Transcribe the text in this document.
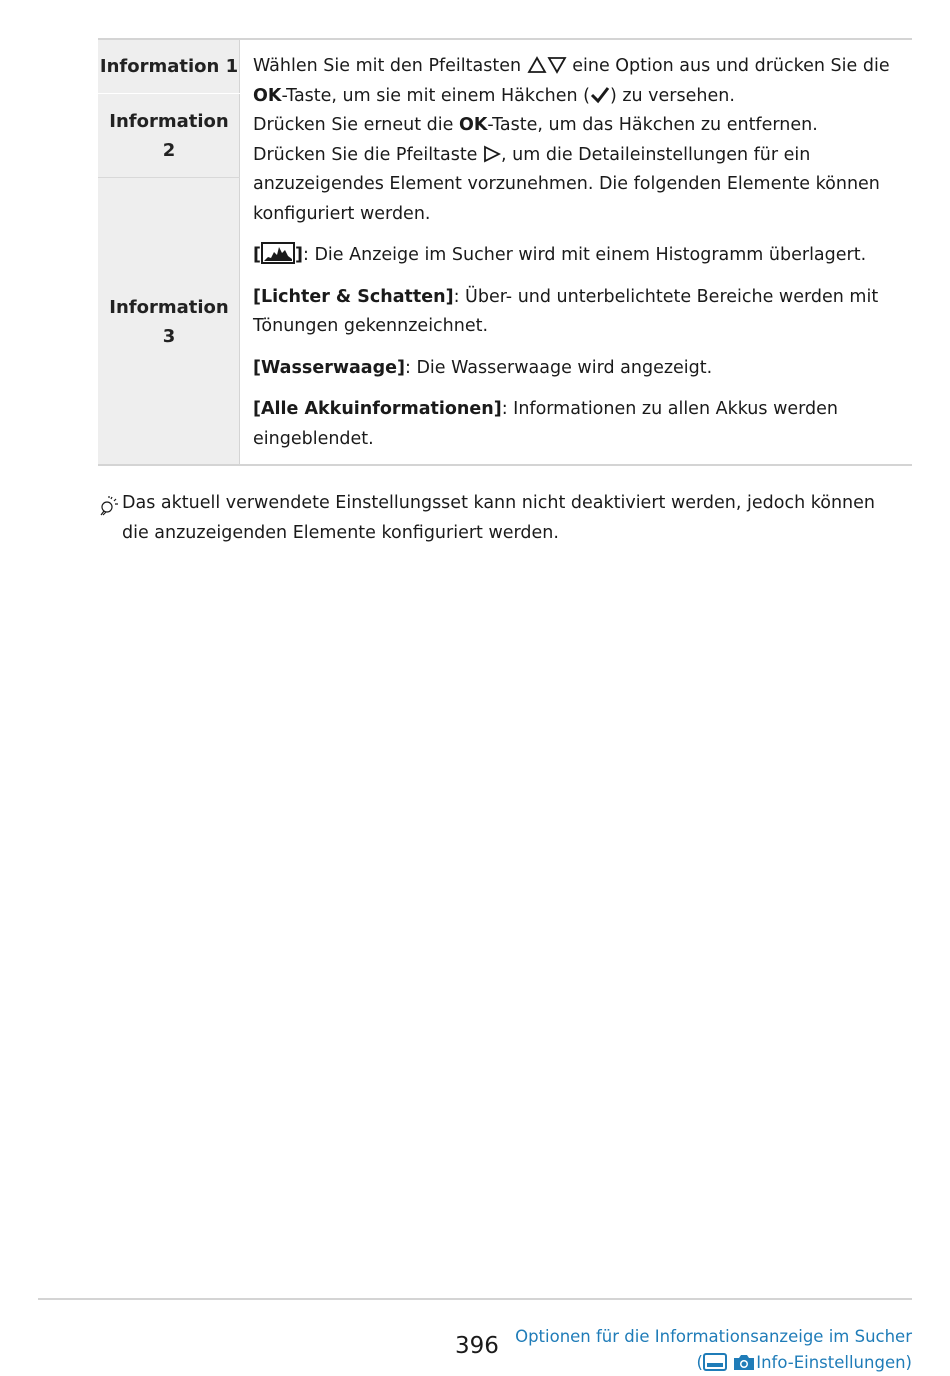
Information 1
Information
2
Information
3

Wählen Sie mit den Pfeiltasten	eine Option aus und drücken Sie die OK-Taste, um sie mit einem Häkchen ( ) zu versehen.
Drücken Sie erneut die OK-Taste, um das Häkchen zu entfernen.
Drücken Sie die Pfeiltaste , um die Detaileinstellungen für ein anzuzeigendes Element vorzunehmen. Die folgenden Elemente können konfiguriert werden.

[ ]: Die Anzeige im Sucher wird mit einem Histogramm überlagert.

[Lichter & Schatten]: Über- und unterbelichtete Bereiche werden mit Tönungen gekennzeichnet.

[Wasserwaage]: Die Wasserwaage wird angezeigt.

[Alle Akkuinformationen]: Informationen zu allen Akkus werden eingeblendet.

Das aktuell verwendete Einstellungsset kann nicht deaktiviert werden, jedoch können die anzuzeigenden Elemente konfiguriert werden.
396 Optionen für die Informationsanzeige im Sucher
(	Info-Einstellungen)
